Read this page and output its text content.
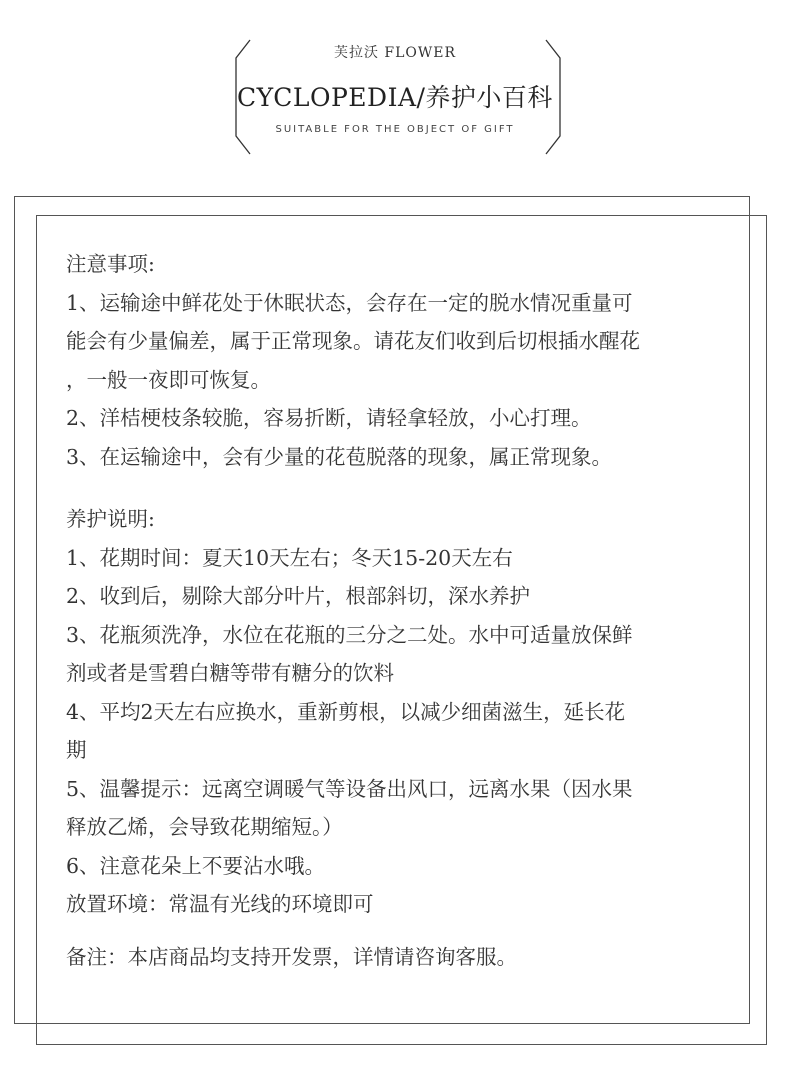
芙拉沃 FLOWER
CYCLOPEDIA/养护小百科
SUITABLE FOR THE OBJECT OF GIFT

注意事项:

1、运输途中鲜花处于休眠状态，会存在一定的脱水情况重量可

能会有少量偏差，属于正常现象。请花友们收到后切根插水醒花

，一般一夜即可恢复。

2、洋桔梗枝条较脆，容易折断，请轻拿轻放，小心打理。

3、在运输途中，会有少量的花苞脱落的现象，属正常现象。

养护说明:

1、花期时间：夏天10天左右；冬天15-20天左右

2、收到后，剔除大部分叶片，根部斜切，深水养护

3、花瓶须洗净，水位在花瓶的三分之二处。水中可适量放保鲜

剂或者是雪碧白糖等带有糖分的饮料

4、平均2天左右应换水，重新剪根，以减少细菌滋生，延长花

期

5、温馨提示：远离空调暖气等设备出风口，远离水果（因水果

释放乙烯，会导致花期缩短。）

6、注意花朵上不要沾水哦。

放置环境：常温有光线的环境即可

备注：本店商品均支持开发票，详情请咨询客服。
